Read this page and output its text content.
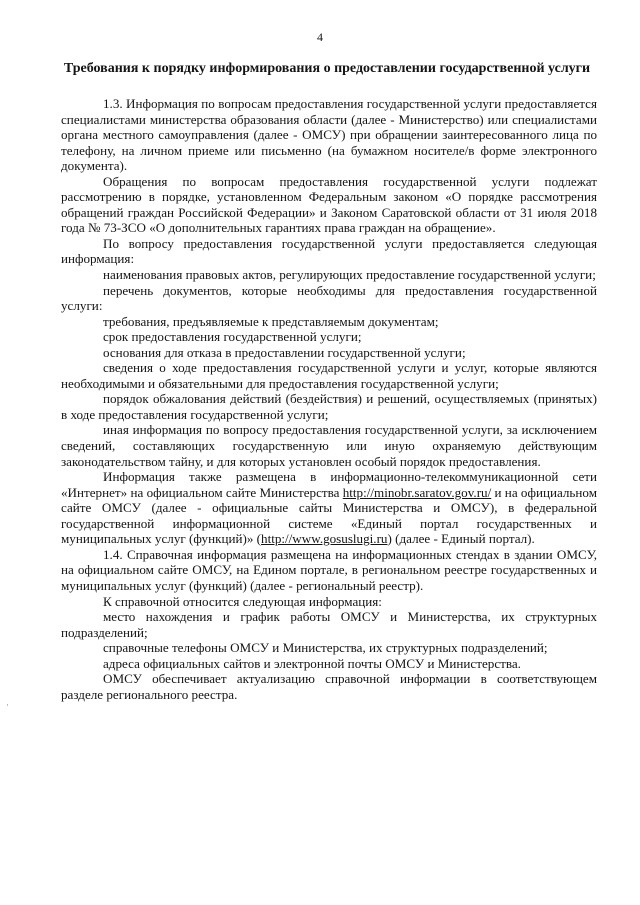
4
Требования к порядку информирования о предоставлении государственной услуги

1.3. Информация по вопросам предоставления государственной услуги предоставляется специалистами министерства образования области (далее - Министерство) или специалистами органа местного самоуправления (далее - ОМСУ) при обращении заинтересованного лица по телефону, на личном приеме или письменно (на бумажном носителе/в форме электронного документа).

Обращения по вопросам предоставления государственной услуги подлежат рассмотрению в порядке, установленном Федеральным законом «О порядке рассмотрения обращений граждан Российской Федерации» и Законом Саратовской области от 31 июля 2018 года № 73-ЗСО «О дополнительных гарантиях права граждан на обращение».

По вопросу предоставления государственной услуги предоставляется следующая информация:

наименования правовых актов, регулирующих предоставление государственной услуги;

перечень документов, которые необходимы для предоставления государственной услуги:

требования, предъявляемые к представляемым документам;

срок предоставления государственной услуги;

основания для отказа в предоставлении государственной услуги;

сведения о ходе предоставления государственной услуги и услуг, которые являются необходимыми и обязательными для предоставления государственной услуги;

порядок обжалования действий (бездействия) и решений, осуществляемых (принятых) в ходе предоставления государственной услуги;

иная информация по вопросу предоставления государственной услуги, за исключением сведений, составляющих государственную или иную охраняемую действующим законодательством тайну, и для которых установлен особый порядок предоставления.

Информация также размещена в информационно-телекоммуникационной сети «Интернет» на официальном сайте Министерства http://minobr.saratov.gov.ru/ и на официальном сайте ОМСУ (далее - официальные сайты Министерства и ОМСУ), в федеральной государственной информационной системе «Единый портал государственных и муниципальных услуг (функций)» (http://www.gosuslugi.ru) (далее - Единый портал).

1.4. Справочная информация размещена на информационных стендах в здании ОМСУ, на официальном сайте ОМСУ, на Едином портале, в региональном реестре государственных и муниципальных услуг (функций) (далее - региональный реестр).

К справочной относится следующая информация:

место нахождения и график работы ОМСУ и Министерства, их структурных подразделений;

справочные телефоны ОМСУ и Министерства, их структурных подразделений;

адреса официальных сайтов и электронной почты ОМСУ и Министерства.

ОМСУ обеспечивает актуализацию справочной информации в соответствующем разделе регионального реестра.

·
